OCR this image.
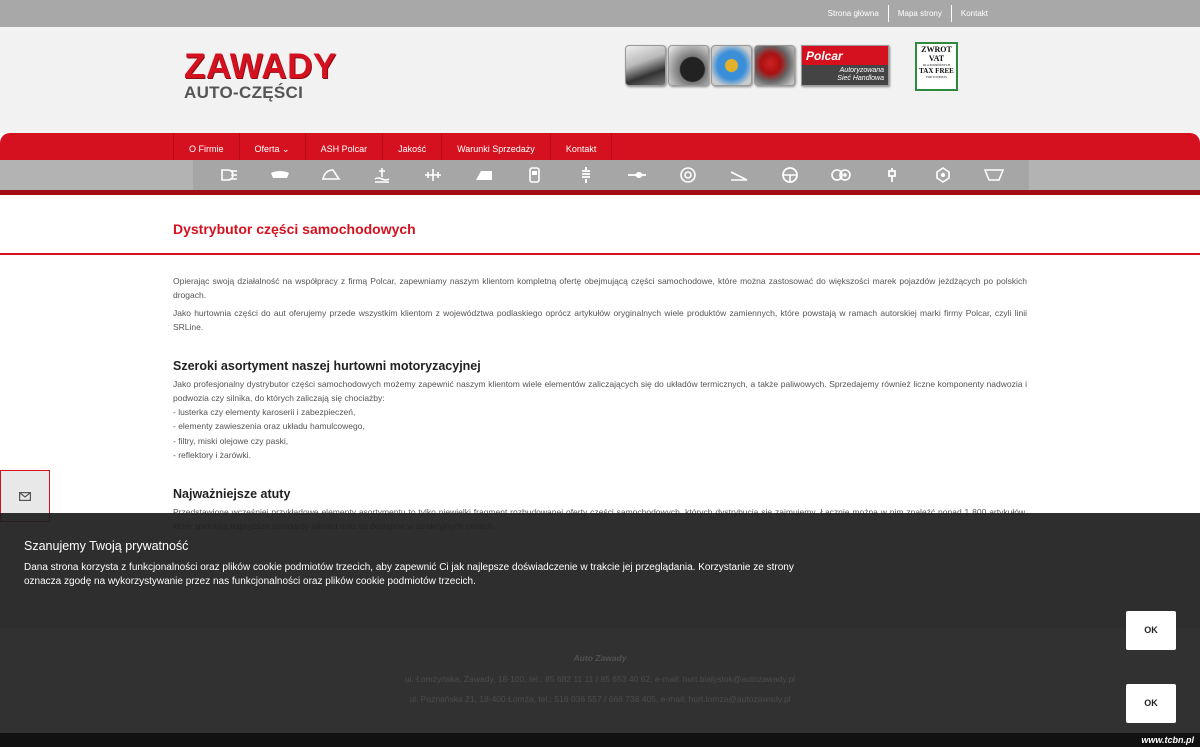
Strona główna	Mapa strony	Kontakt
ZAWADY
AUTO-CZĘŚCI
Polcar
Autoryzowana
Sieć Handlowa
ZWROT
VAT
DLA PODRÓŻNYCH
TAX FREE
FOR TOURISTS
O Firmie	Oferta ⌄	ASH Polcar	Jakość	Warunki Sprzedaży	Kontakt
Dystrybutor części samochodowych

Opierając swoją działalność na współpracy z firmą Polcar, zapewniamy naszym klientom kompletną ofertę obejmującą części samochodowe, które można zastosować do większości marek pojazdów jeżdżących po polskich drogach.

Jako hurtownia części do aut oferujemy przede wszystkim klientom z województwa podlaskiego oprócz artykułów oryginalnych wiele produktów zamiennych, które powstają w ramach autorskiej marki firmy Polcar, czyli linii SRLine.

Szeroki asortyment naszej hurtowni motoryzacyjnej

Jako profesjonalny dystrybutor części samochodowych możemy zapewnić naszym klientom wiele elementów zaliczających się do układów termicznych, a także paliwowych. Sprzedajemy również liczne komponenty nadwozia i podwozia czy silnika, do których zaliczają się chociażby:

- lusterka czy elementy karoserii i zabezpieczeń,
- elementy zawieszenia oraz układu hamulcowego,
- filtry, miski olejowe czy paski,
- reflektory i żarówki.
Najważniejsze atuty

www.tcbn.pl
Szanujemy Twoją prywatność
Dana strona korzysta z funkcjonalności oraz plików cookie podmiotów trzecich, aby zapewnić Ci jak najlepsze doświadczenie w trakcie jej przeglądania. Korzystanie ze strony oznacza zgodę na wykorzystywanie przez nas funkcjonalności oraz plików cookie podmiotów trzecich.
OK
OK
